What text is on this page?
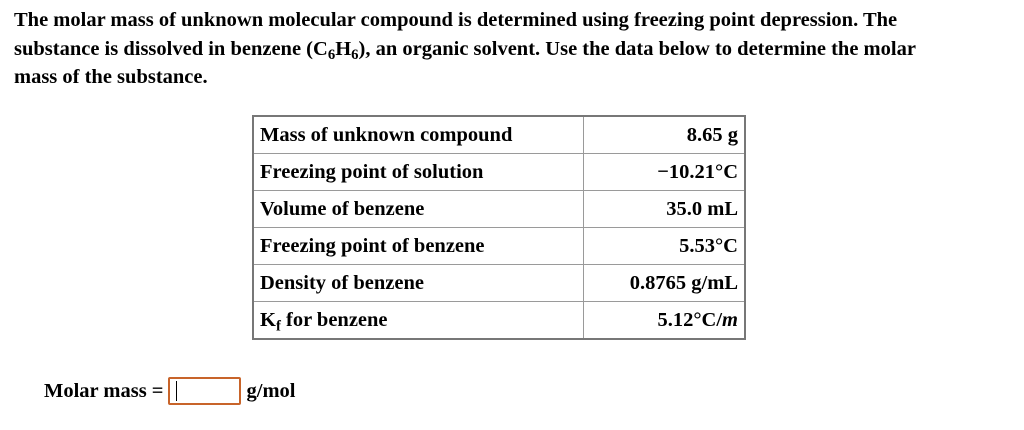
The molar mass of unknown molecular compound is determined using freezing point depression. The
substance is dissolved in benzene $(C_6H_6)$, an organic solvent. Use the data below to determine the molar
mass of the substance.
Mass of unknown compound	8.65 g
Freezing point of solution	−10.21°C
Volume of benzene	35.0 mL
Freezing point of benzene	5.53°C
Density of benzene	0.8765 g/mL
$K_f$ for benzene	5.12°C/m
Molar mass =	g/mol
